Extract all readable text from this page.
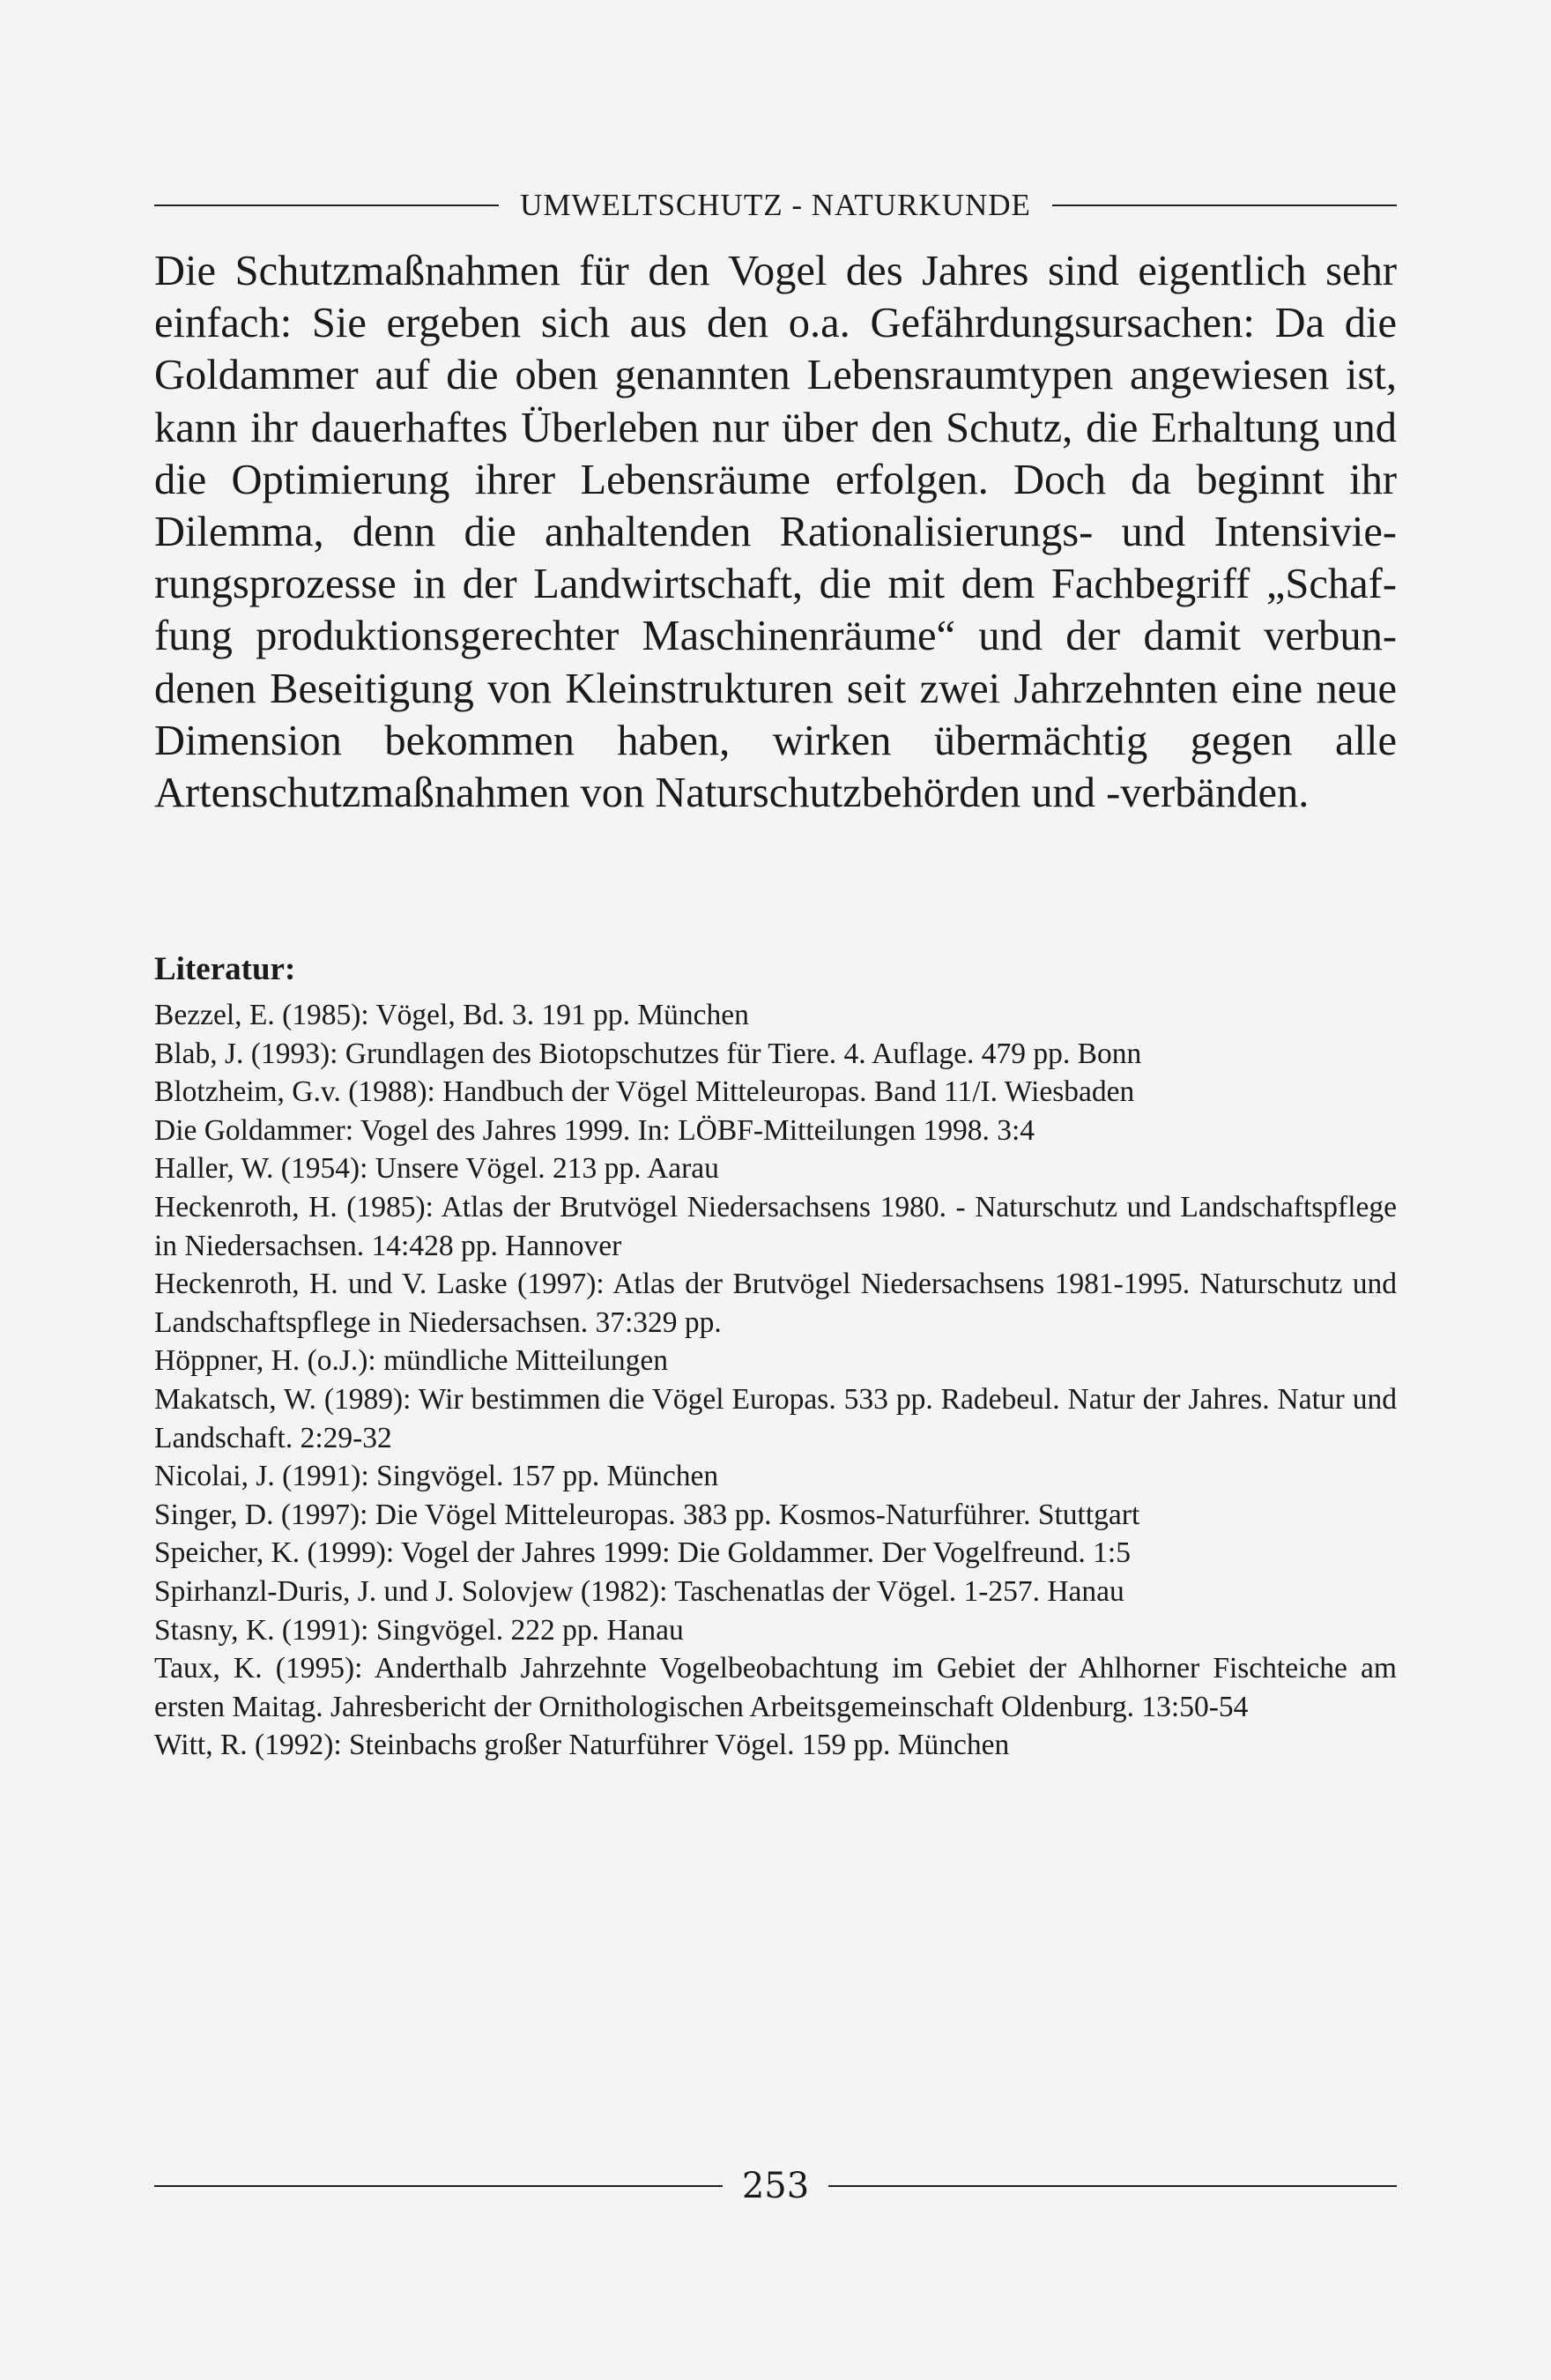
UMWELTSCHUTZ - NATURKUNDE

Die Schutzmaßnahmen für den Vogel des Jahres sind eigentlich sehr einfach: Sie ergeben sich aus den o.a. Gefährdungsursachen: Da die Goldammer auf die oben genannten Lebensraumtypen angewiesen ist, kann ihr dauerhaftes Überleben nur über den Schutz, die Erhaltung und die Optimierung ihrer Lebensräume erfolgen. Doch da beginnt ihr Dilemma, denn die anhaltenden Rationalisierungs- und Intensivierungsprozesse in der Landwirtschaft, die mit dem Fachbegriff „Schaffung produktionsgerechter Maschinenräume“ und der damit verbundenen Beseitigung von Kleinstrukturen seit zwei Jahrzehnten eine neue Dimension bekommen haben, wirken übermächtig gegen alle Artenschutzmaßnahmen von Naturschutzbehörden und -verbänden.

Literatur:
Bezzel, E. (1985): Vögel, Bd. 3. 191 pp. München
Blab, J. (1993): Grundlagen des Biotopschutzes für Tiere. 4. Auflage. 479 pp. Bonn
Blotzheim, G.v. (1988): Handbuch der Vögel Mitteleuropas. Band 11/I. Wiesbaden
Die Goldammer: Vogel des Jahres 1999. In: LÖBF-Mitteilungen 1998. 3:4
Haller, W. (1954): Unsere Vögel. 213 pp. Aarau
Heckenroth, H. (1985): Atlas der Brutvögel Niedersachsens 1980. - Naturschutz und Landschaftspflege in Niedersachsen. 14:428 pp. Hannover
Heckenroth, H. und V. Laske (1997): Atlas der Brutvögel Niedersachsens 1981-1995. Naturschutz und Landschaftspflege in Niedersachsen. 37:329 pp.
Höppner, H. (o.J.): mündliche Mitteilungen
Makatsch, W. (1989): Wir bestimmen die Vögel Europas. 533 pp. Radebeul. Natur der Jahres. Natur und Landschaft. 2:29-32
Nicolai, J. (1991): Singvögel. 157 pp. München
Singer, D. (1997): Die Vögel Mitteleuropas. 383 pp. Kosmos-Naturführer. Stuttgart
Speicher, K. (1999): Vogel der Jahres 1999: Die Goldammer. Der Vogelfreund. 1:5
Spirhanzl-Duris, J. und J. Solovjew (1982): Taschenatlas der Vögel. 1-257. Hanau
Stasny, K. (1991): Singvögel. 222 pp. Hanau
Taux, K. (1995): Anderthalb Jahrzehnte Vogelbeobachtung im Gebiet der Ahlhorner Fischteiche am ersten Maitag. Jahresbericht der Ornithologischen Arbeitsgemeinschaft Oldenburg. 13:50-54
Witt, R. (1992): Steinbachs großer Naturführer Vögel. 159 pp. München
253
